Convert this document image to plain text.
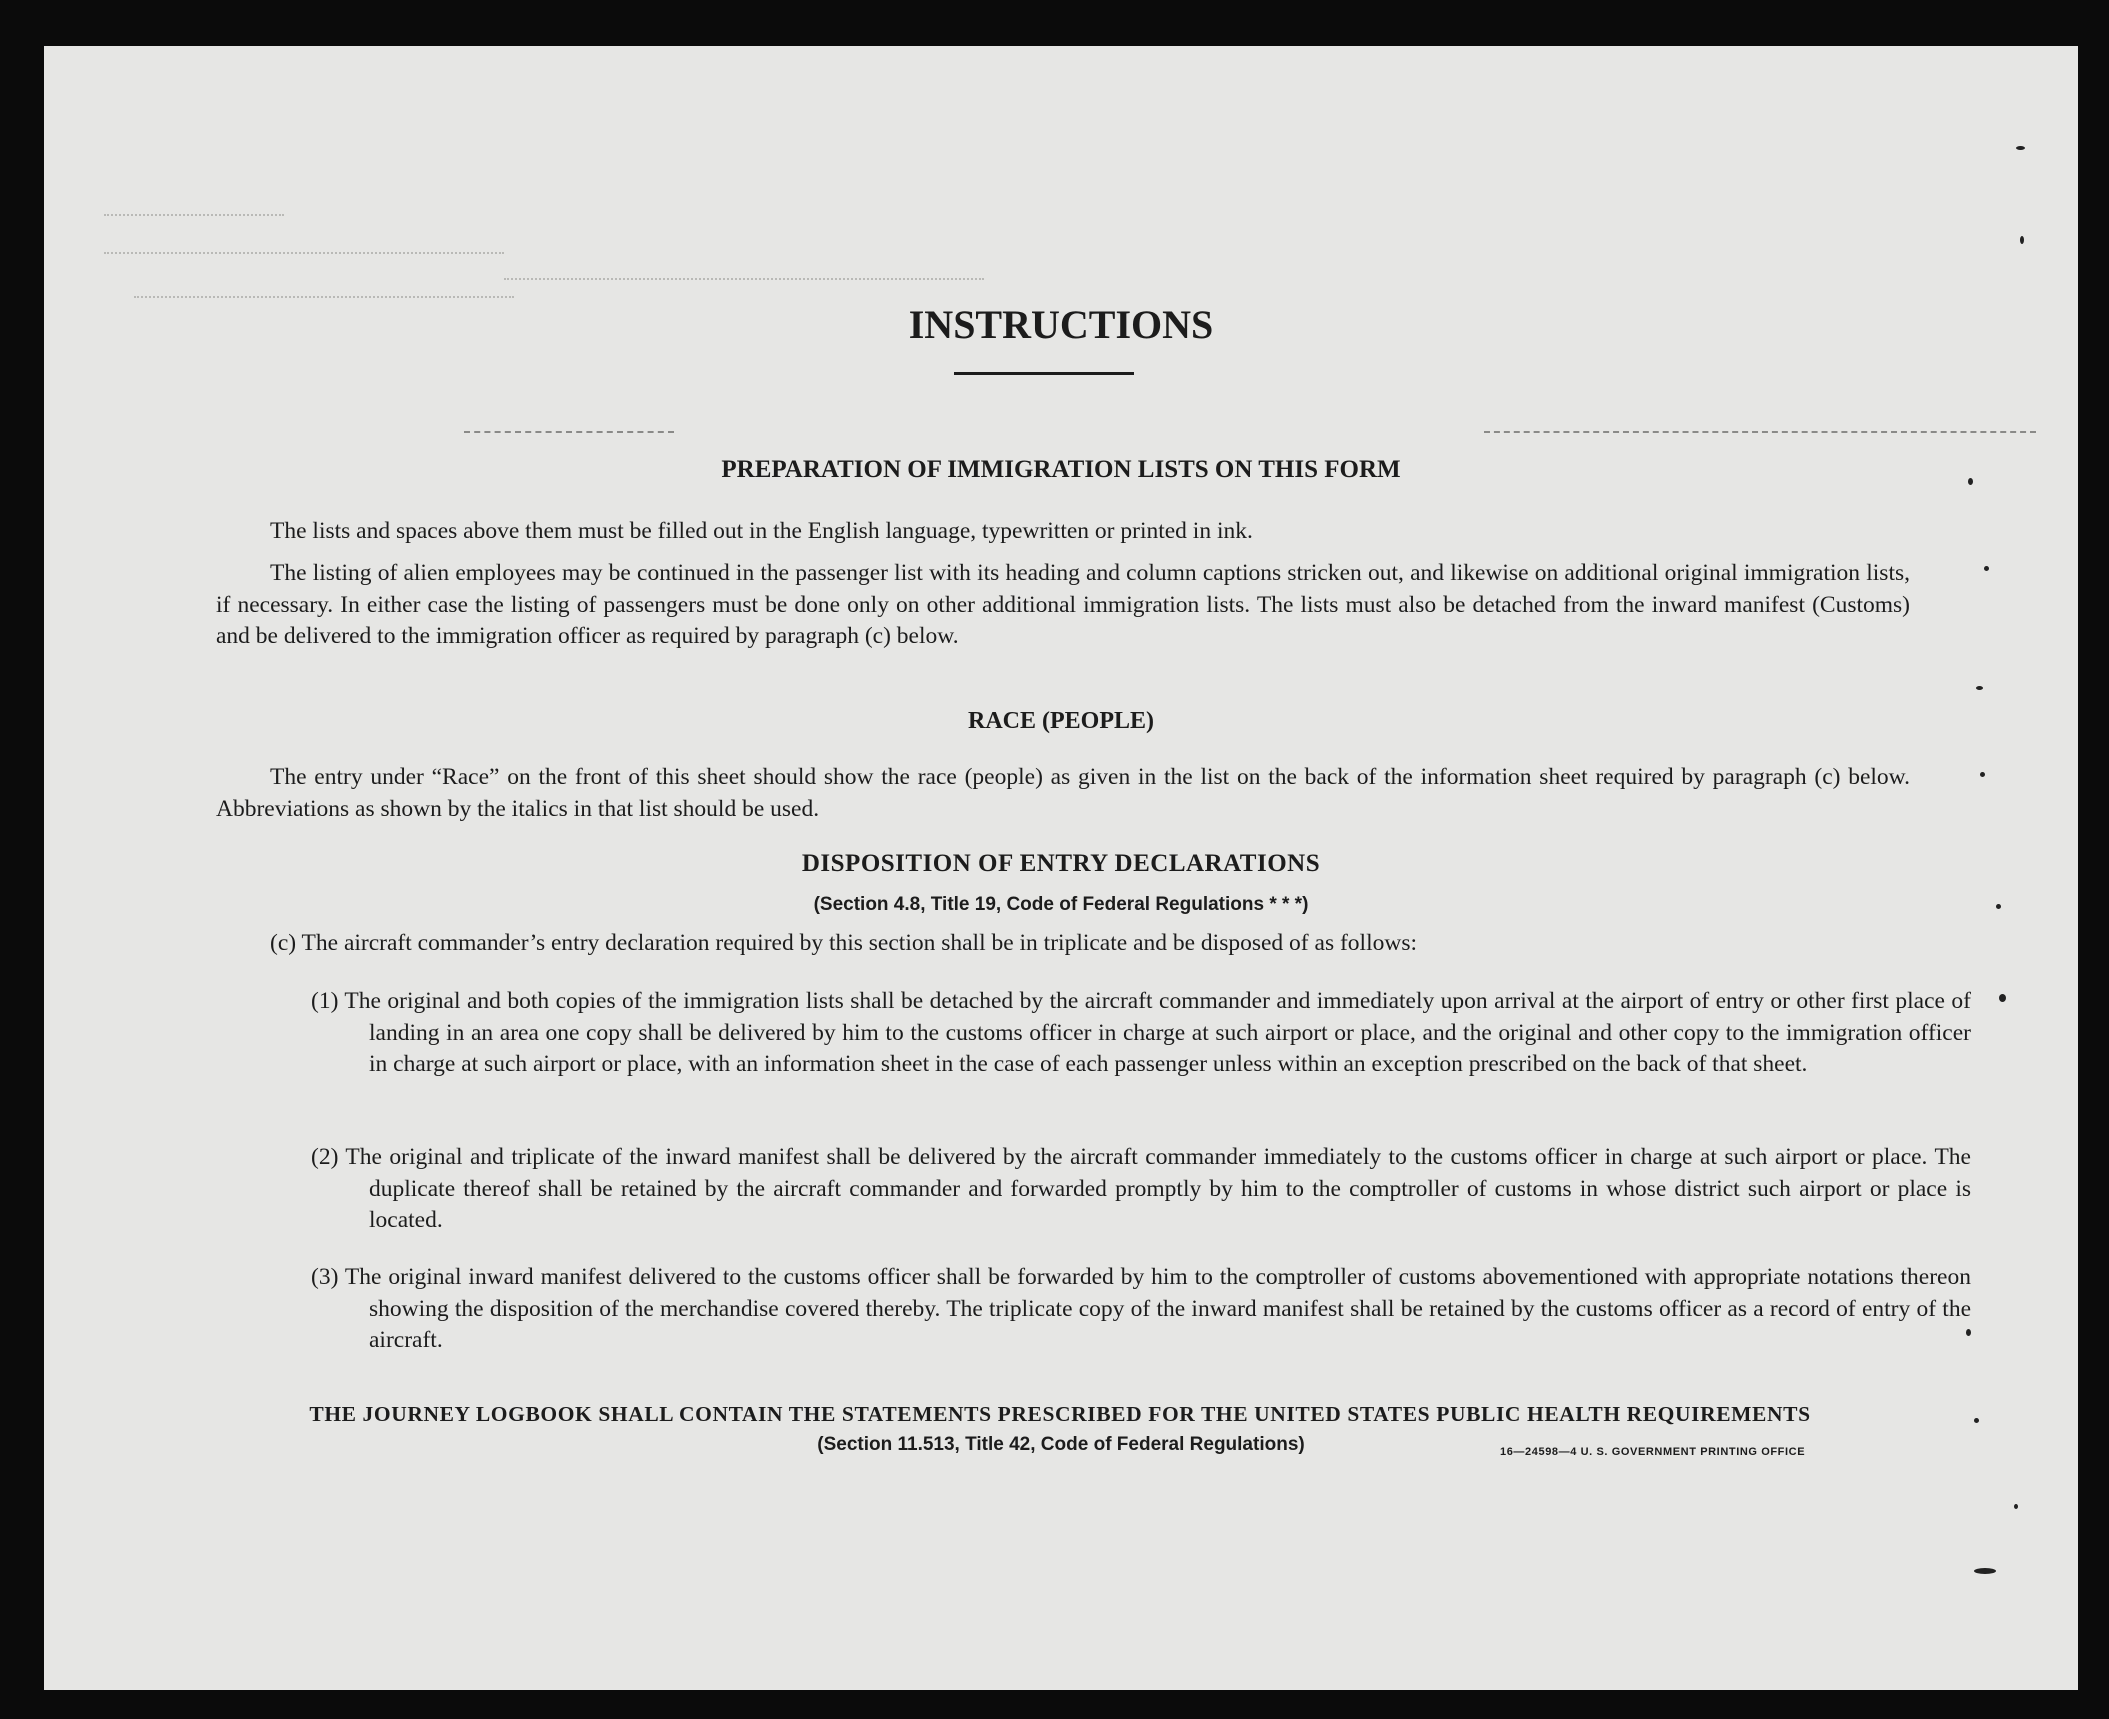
INSTRUCTIONS
PREPARATION OF IMMIGRATION LISTS ON THIS FORM

The lists and spaces above them must be filled out in the English language, typewritten or printed in ink.

The listing of alien employees may be continued in the passenger list with its heading and column captions stricken out, and likewise on additional original immigration lists, if necessary. In either case the listing of passengers must be done only on other additional immigration lists. The lists must also be detached from the inward manifest (Customs) and be delivered to the immigration officer as required by paragraph (c) below.

RACE (PEOPLE)

The entry under “Race” on the front of this sheet should show the race (people) as given in the list on the back of the information sheet required by paragraph (c) below. Abbreviations as shown by the italics in that list should be used.

DISPOSITION OF ENTRY DECLARATIONS
(Section 4.8, Title 19, Code of Federal Regulations * * *)

(c) The aircraft commander’s entry declaration required by this section shall be in triplicate and be disposed of as follows:

(1) The original and both copies of the immigration lists shall be detached by the aircraft commander and immediately upon arrival at the airport of entry or other first place of landing in an area one copy shall be delivered by him to the customs officer in charge at such airport or place, and the original and other copy to the immigration officer in charge at such airport or place, with an information sheet in the case of each passenger unless within an exception prescribed on the back of that sheet.

(2) The original and triplicate of the inward manifest shall be delivered by the aircraft commander immediately to the customs officer in charge at such airport or place. The duplicate thereof shall be retained by the aircraft commander and forwarded promptly by him to the comptroller of customs in whose district such airport or place is located.

(3) The original inward manifest delivered to the customs officer shall be forwarded by him to the comptroller of customs abovementioned with appropriate notations thereon showing the disposition of the merchandise covered thereby. The triplicate copy of the inward manifest shall be retained by the customs officer as a record of entry of the aircraft.

THE JOURNEY LOGBOOK SHALL CONTAIN THE STATEMENTS PRESCRIBED FOR THE UNITED STATES PUBLIC HEALTH REQUIREMENTS
(Section 11.513, Title 42, Code of Federal Regulations)	16—24598—4 U. S. GOVERNMENT PRINTING OFFICE
